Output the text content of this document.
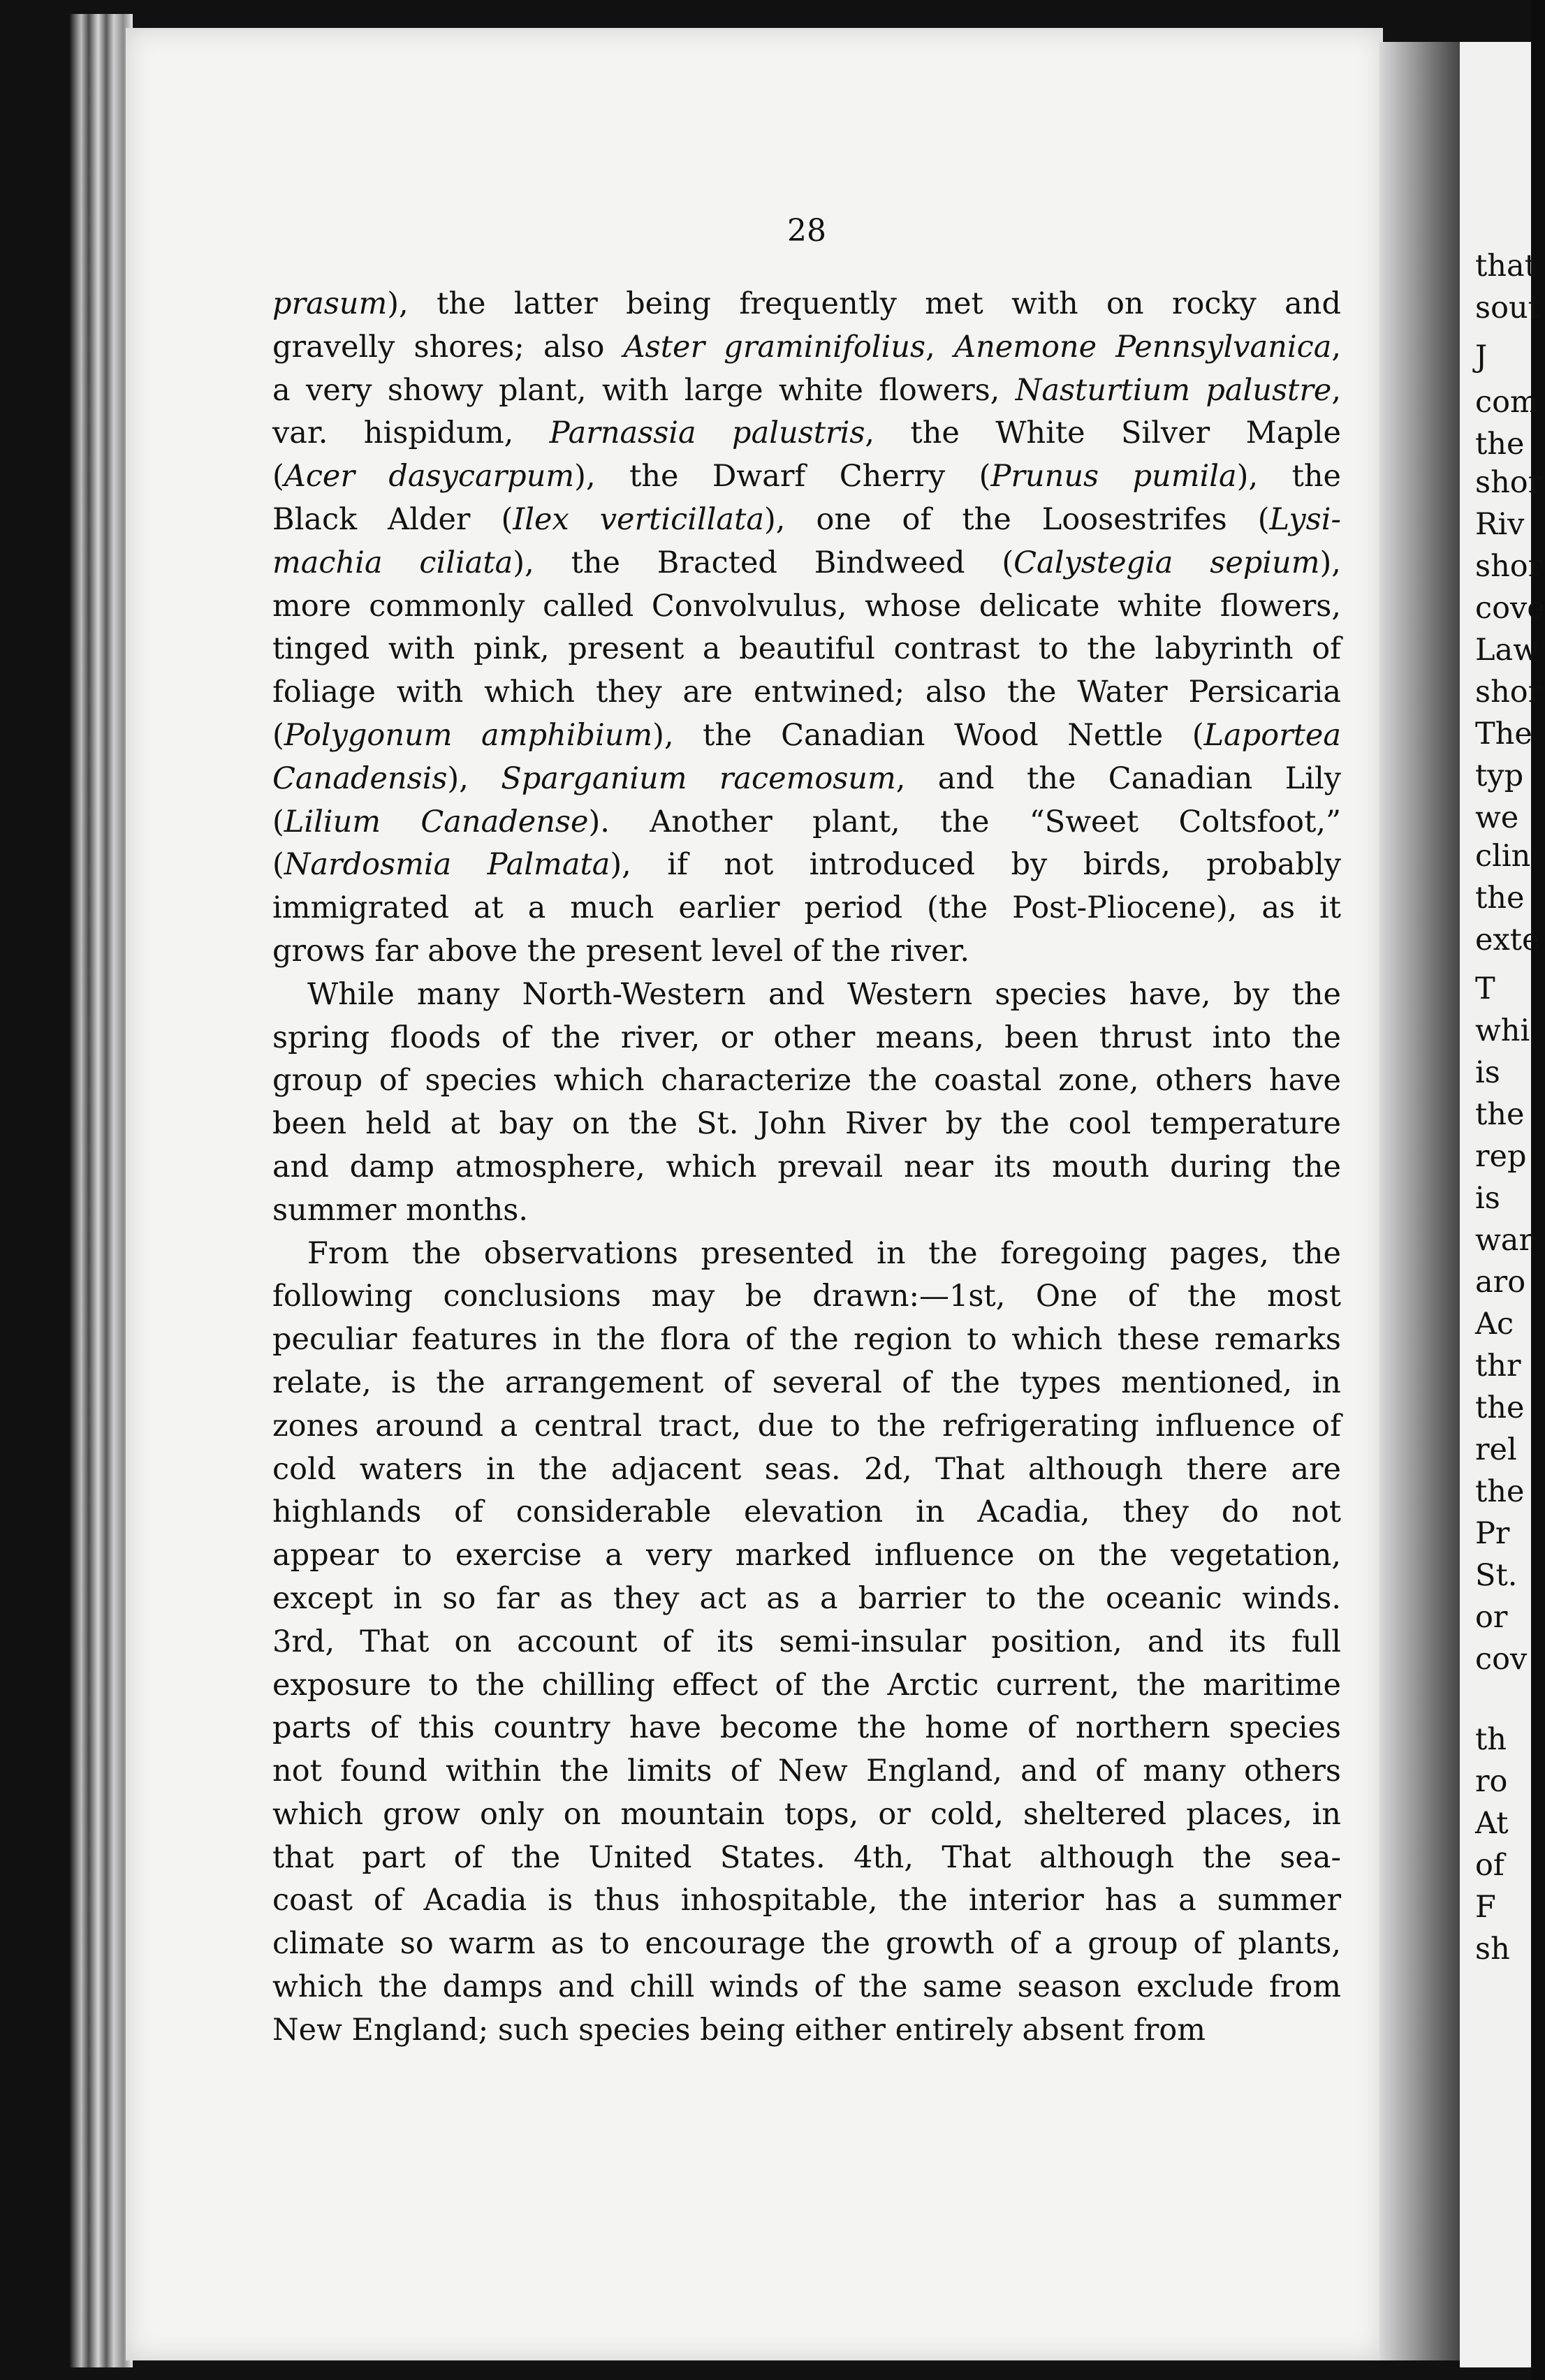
28
prasum), the latter being frequently met with on rocky and
gravelly shores; also Aster graminifolius, Anemone Pennsylvanica,
a very showy plant, with large white flowers, Nasturtium palustre,
var. hispidum, Parnassia palustris, the White Silver Maple
(Acer dasycarpum), the Dwarf Cherry (Prunus pumila), the
Black Alder (Ilex verticillata), one of the Loosestrifes (Lysi-
machia ciliata), the Bracted Bindweed (Calystegia sepium),
more commonly called Convolvulus, whose delicate white flowers,
tinged with pink, present a beautiful contrast to the labyrinth of
foliage with which they are entwined; also the Water Persicaria
(Polygonum amphibium), the Canadian Wood Nettle (Laportea
Canadensis), Sparganium racemosum, and the Canadian Lily
(Lilium Canadense). Another plant, the “Sweet Coltsfoot,”
(Nardosmia Palmata), if not introduced by birds, probably
immigrated at a much earlier period (the Post-Pliocene), as it
grows far above the present level of the river.
While many North-Western and Western species have, by the
spring floods of the river, or other means, been thrust into the
group of species which characterize the coastal zone, others have
been held at bay on the St. John River by the cool temperature
and damp atmosphere, which prevail near its mouth during the
summer months.
From the observations presented in the foregoing pages, the
following conclusions may be drawn:—1st, One of the most
peculiar features in the flora of the region to which these remarks
relate, is the arrangement of several of the types mentioned, in
zones around a central tract, due to the refrigerating influence of
cold waters in the adjacent seas. 2d, That although there are
highlands of considerable elevation in Acadia, they do not
appear to exercise a very marked influence on the vegetation,
except in so far as they act as a barrier to the oceanic winds.
3rd, That on account of its semi-insular position, and its full
exposure to the chilling effect of the Arctic current, the maritime
parts of this country have become the home of northern species
not found within the limits of New England, and of many others
which grow only on mountain tops, or cold, sheltered places, in
that part of the United States. 4th, That although the sea-
coast of Acadia is thus inhospitable, the interior has a summer
climate so warm as to encourage the growth of a group of plants,
which the damps and chill winds of the same season exclude from
New England; such species being either entirely absent from
that
sout
J
com
the
shor
Riv
shor
cove
Law
shor
The
typ
we
clin
the
exte
T
whi
is
the
rep
is
war
aro
Ac
thr
the
rel
the
Pr
St.
or
cov
th
ro
At
of
F
sh
